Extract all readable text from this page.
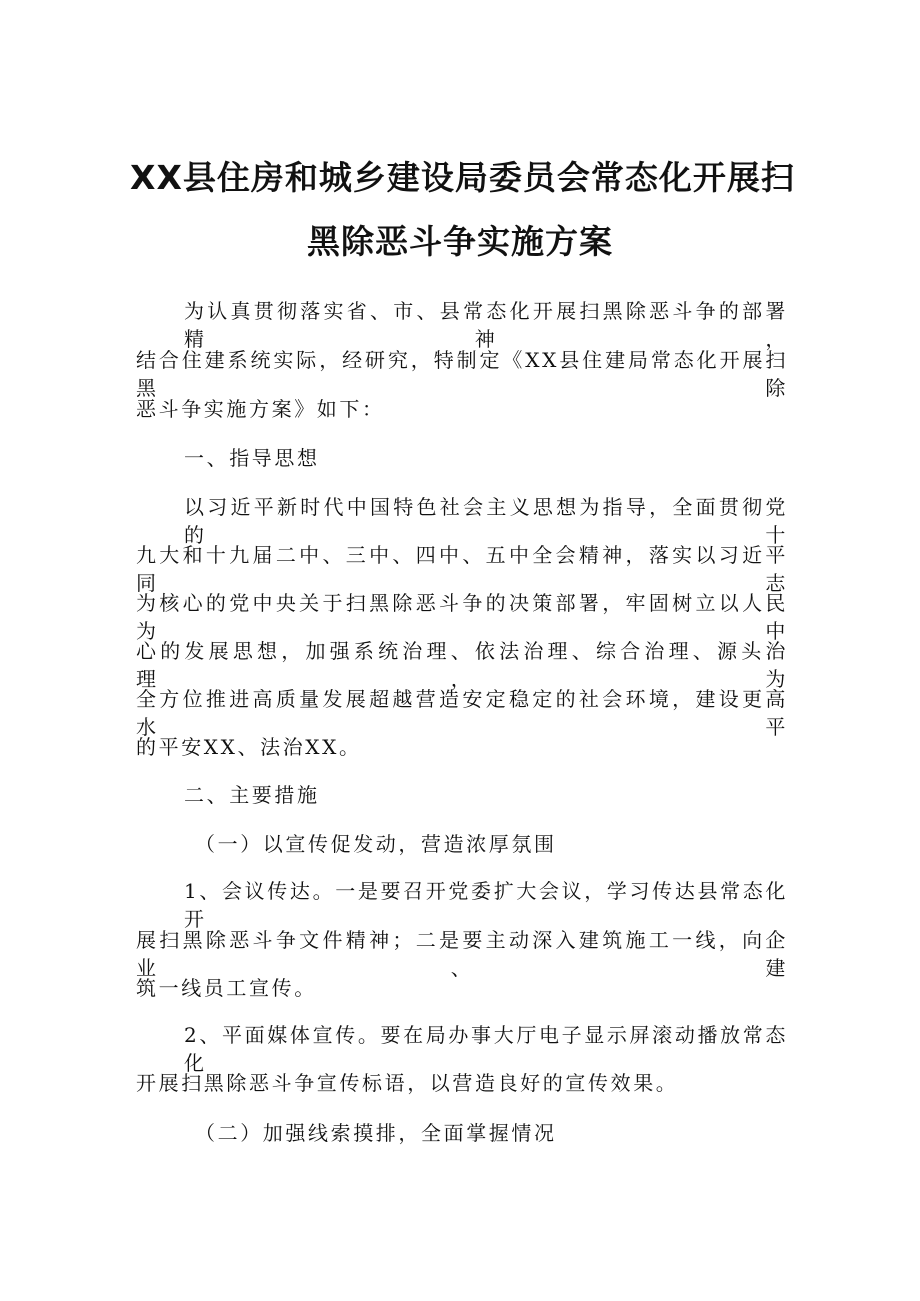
XX县住房和城乡建设局委员会常态化开展扫
黑除恶斗争实施方案
为认真贯彻落实省、市、县常态化开展扫黑除恶斗争的部署精神，
结合住建系统实际，经研究，特制定《XX县住建局常态化开展扫黑除
恶斗争实施方案》如下：
一、指导思想
以习近平新时代中国特色社会主义思想为指导，全面贯彻党的十
九大和十九届二中、三中、四中、五中全会精神，落实以习近平同志
为核心的党中央关于扫黑除恶斗争的决策部署，牢固树立以人民为中
心的发展思想，加强系统治理、依法治理、综合治理、源头治理，为
全方位推进高质量发展超越营造安定稳定的社会环境，建设更高水平
的平安XX、法治XX。
二、主要措施
（一）以宣传促发动，营造浓厚氛围
1、会议传达。一是要召开党委扩大会议，学习传达县常态化开
展扫黑除恶斗争文件精神；二是要主动深入建筑施工一线，向企业、建
筑一线员工宣传。
2、平面媒体宣传。要在局办事大厅电子显示屏滚动播放常态化
开展扫黑除恶斗争宣传标语，以营造良好的宣传效果。
（二）加强线索摸排，全面掌握情况
